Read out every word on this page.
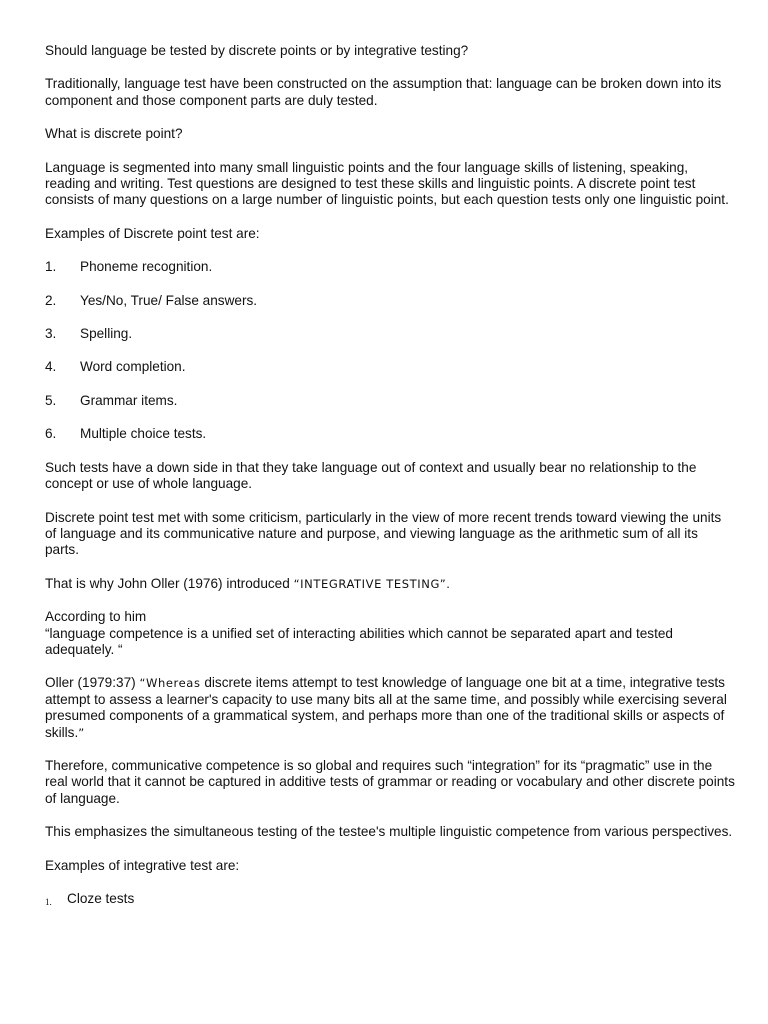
Should language be tested by discrete points or by integrative testing?

Traditionally, language test have been constructed on the assumption that: language can be broken down into its component and those component parts are duly tested.

What is discrete point?

Language is segmented into many small linguistic points and the four language skills of listening, speaking, reading and writing. Test questions are designed to test these skills and linguistic points. A discrete point test consists of many questions on a large number of linguistic points, but each question tests only one linguistic point.

Examples of Discrete point test are:

1.	Phoneme recognition.
2.	Yes/No, True/ False answers.
3.	Spelling.
4.	Word completion.
5.	Grammar items.
6.	Multiple choice tests.

Such tests have a down side in that they take language out of context and usually bear no relationship to the concept or use of whole language.

Discrete point test met with some criticism, particularly in the view of more recent trends toward viewing the units of language and its communicative nature and purpose, and viewing language as the arithmetic sum of all its parts.

That is why John Oller (1976) introduced “INTEGRATIVE TESTING”.

According to him

“language competence is a unified set of interacting abilities which cannot be separated apart and tested adequately. “

Oller (1979:37) “Whereas discrete items attempt to test knowledge of language one bit at a time, integrative tests attempt to assess a learner's capacity to use many bits all at the same time, and possibly while exercising several presumed components of a grammatical system, and perhaps more than one of the traditional skills or aspects of skills.”

Therefore, communicative competence is so global and requires such “integration” for its “pragmatic” use in the real world that it cannot be captured in additive tests of grammar or reading or vocabulary and other discrete points of language.

This emphasizes the simultaneous testing of the testee's multiple linguistic competence from various perspectives.

Examples of integrative test are:

1.	Cloze tests
